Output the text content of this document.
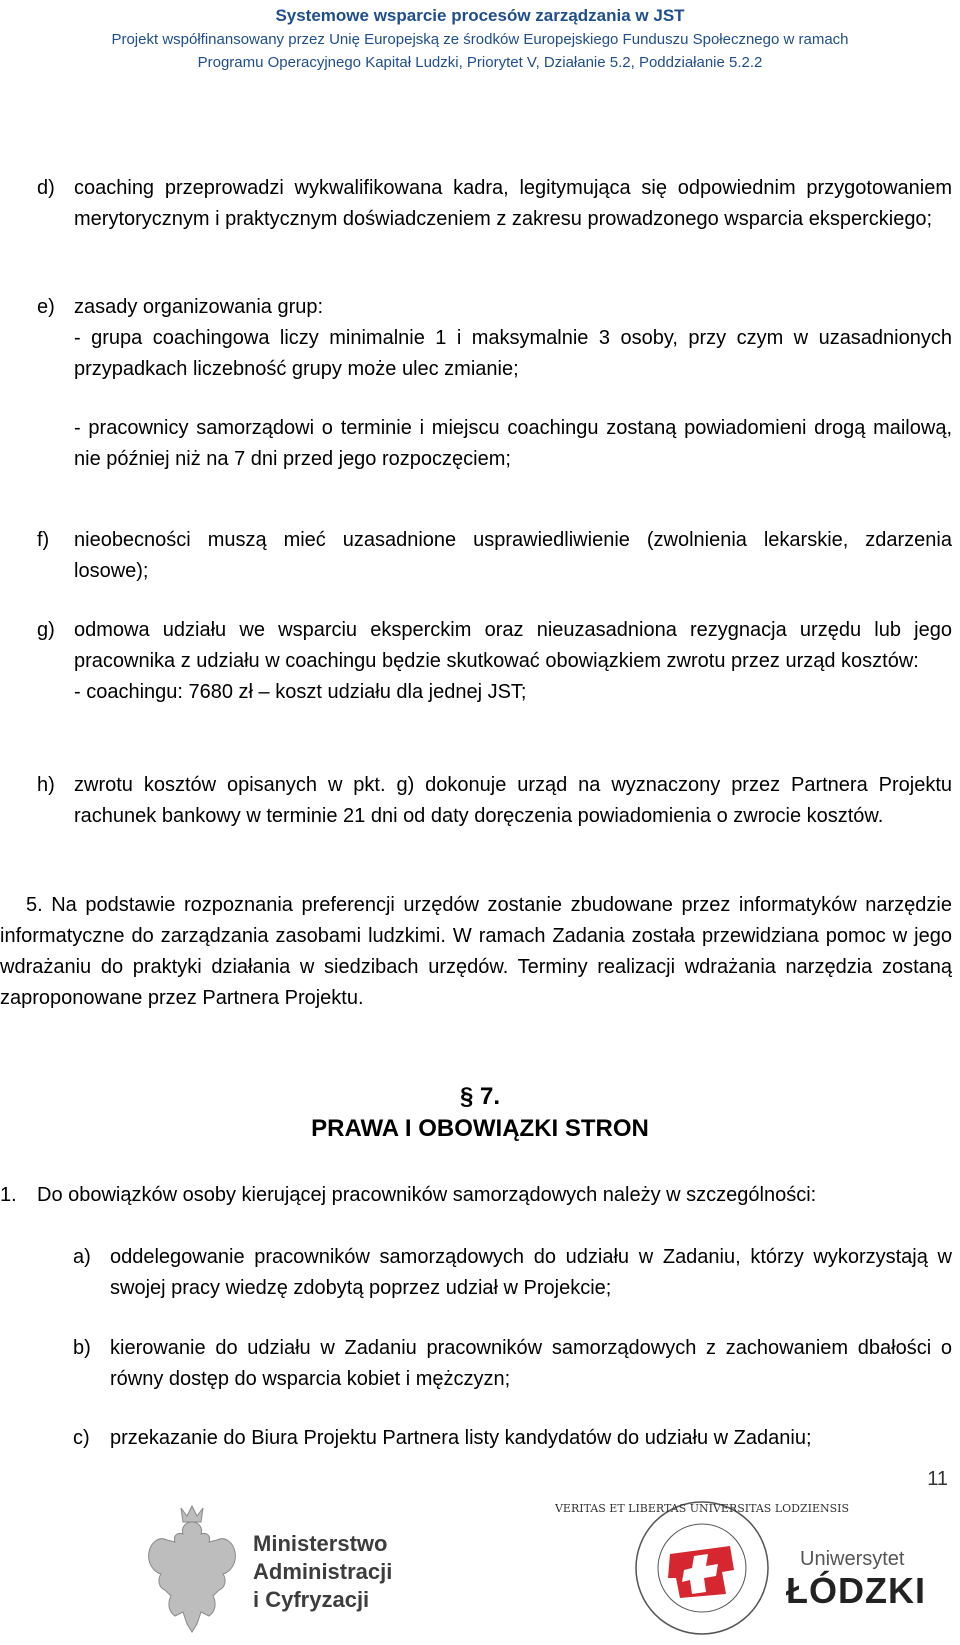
Systemowe wsparcie procesów zarządzania w JST
Projekt współfinansowany przez Unię Europejską ze środków Europejskiego Funduszu Społecznego w ramach
Programu Operacyjnego Kapitał Ludzki, Priorytet V, Działanie 5.2, Poddziałanie 5.2.2
d) coaching przeprowadzi wykwalifikowana kadra, legitymująca się odpowiednim przygotowaniem merytorycznym i praktycznym doświadczeniem z zakresu prowadzonego wsparcia eksperckiego;

e) zasady organizowania grup:

- grupa coachingowa liczy minimalnie 1 i maksymalnie 3 osoby, przy czym w uzasadnionych przypadkach liczebność grupy może ulec zmianie;

- pracownicy samorządowi o terminie i miejscu coachingu zostaną powiadomieni drogą mailową, nie później niż na 7 dni przed jego rozpoczęciem;

f) nieobecności muszą mieć uzasadnione usprawiedliwienie (zwolnienia lekarskie, zdarzenia losowe);

g) odmowa udziału we wsparciu eksperckim oraz nieuzasadniona rezygnacja urzędu lub jego pracownika z udziału w coachingu będzie skutkować obowiązkiem zwrotu przez urząd kosztów:

- coachingu: 7680 zł – koszt udziału dla jednej JST;

h) zwrotu kosztów opisanych w pkt. g) dokonuje urząd na wyznaczony przez Partnera Projektu rachunek bankowy w terminie 21 dni od daty doręczenia powiadomienia o zwrocie kosztów.

5. Na podstawie rozpoznania preferencji urzędów zostanie zbudowane przez informatyków narzędzie informatyczne do zarządzania zasobami ludzkimi. W ramach Zadania została przewidziana pomoc w jego wdrażaniu do praktyki działania w siedzibach urzędów. Terminy realizacji wdrażania narzędzia zostaną zaproponowane przez Partnera Projektu.
§ 7.
PRAWA I OBOWIĄZKI STRON
1. Do obowiązków osoby kierującej pracowników samorządowych należy w szczególności:

a) oddelegowanie pracowników samorządowych do udziału w Zadaniu, którzy wykorzystają w swojej pracy wiedzę zdobytą poprzez udział w Projekcie;

b) kierowanie do udziału w Zadaniu pracowników samorządowych z zachowaniem dbałości o równy dostęp do wsparcia kobiet i mężczyzn;

c) przekazanie do Biura Projektu Partnera listy kandydatów do udziału w Zadaniu;

11
Ministerstwo
Administracji
i Cyfryzacji
VERITAS ET LIBERTAS UNIVERSITAS LODZIENSIS
Uniwersytet
ŁÓDZKI
